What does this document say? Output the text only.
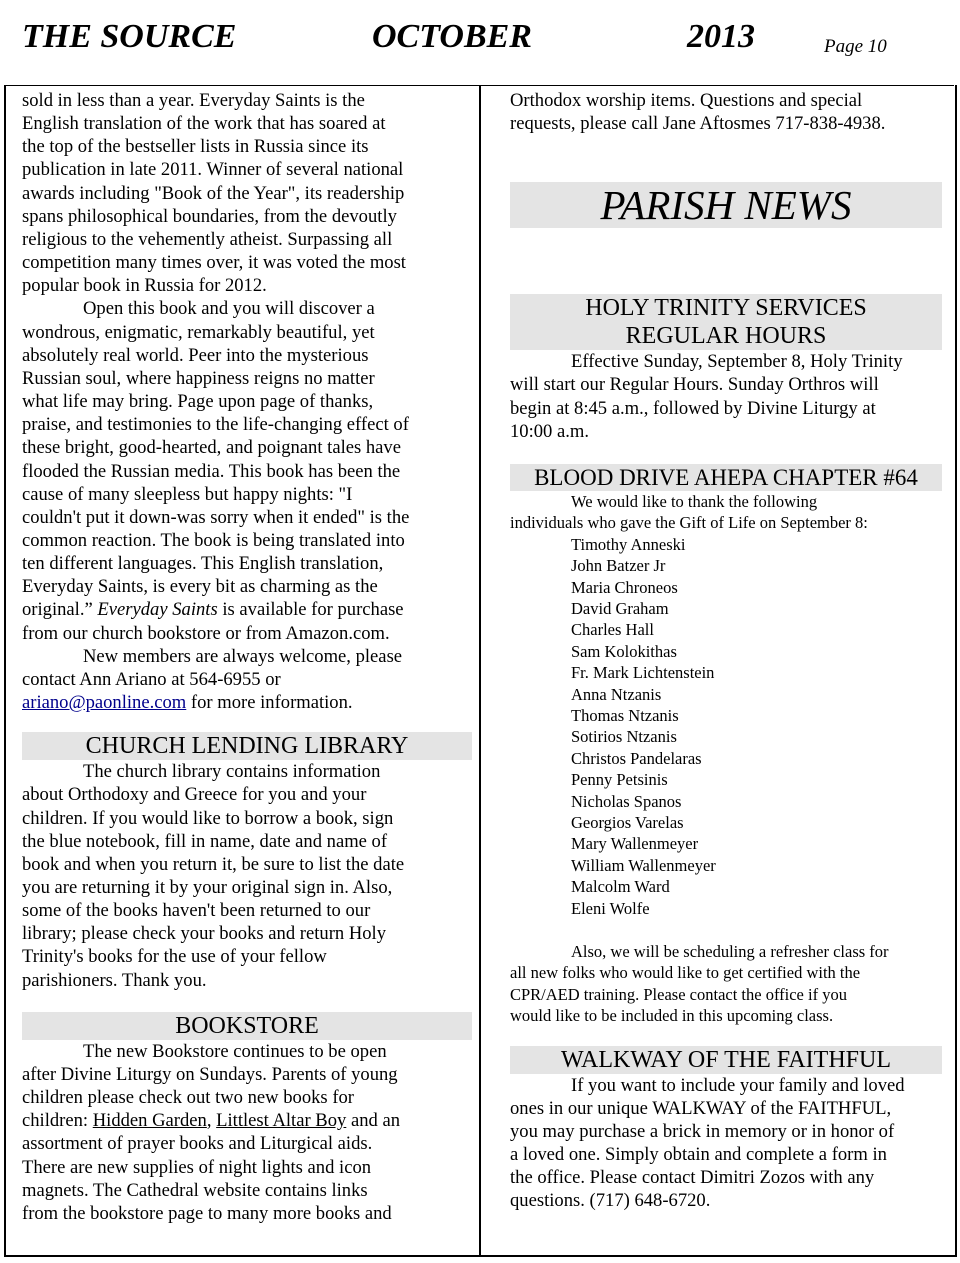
THE SOURCE	OCTOBER	2013	Page 10

sold in less than a year. Everyday Saints is the

English translation of the work that has soared at

the top of the bestseller lists in Russia since its

publication in late 2011. Winner of several national

awards including "Book of the Year", its readership

spans philosophical boundaries, from the devoutly

religious to the vehemently atheist. Surpassing all

competition many times over, it was voted the most

popular book in Russia for 2012.

Open this book and you will discover a

wondrous, enigmatic, remarkably beautiful, yet

absolutely real world. Peer into the mysterious

Russian soul, where happiness reigns no matter

what life may bring. Page upon page of thanks,

praise, and testimonies to the life-changing effect of

these bright, good-hearted, and poignant tales have

flooded the Russian media. This book has been the

cause of many sleepless but happy nights: "I

couldn't put it down-was sorry when it ended" is the

common reaction. The book is being translated into

ten different languages. This English translation,

Everyday Saints, is every bit as charming as the

original.” Everyday Saints is available for purchase

from our church bookstore or from Amazon.com.

New members are always welcome, please

contact Ann Ariano at 564-6955 or

ariano@paonline.com for more information.

CHURCH LENDING LIBRARY

The church library contains information

about Orthodoxy and Greece for you and your

children. If you would like to borrow a book, sign

the blue notebook, fill in name, date and name of

book and when you return it, be sure to list the date

you are returning it by your original sign in. Also,

some of the books haven't been returned to our

library; please check your books and return Holy

Trinity's books for the use of your fellow

parishioners. Thank you.

BOOKSTORE

The new Bookstore continues to be open

after Divine Liturgy on Sundays. Parents of young

children please check out two new books for

children: Hidden Garden, Littlest Altar Boy and an

assortment of prayer books and Liturgical aids.

There are new supplies of night lights and icon

magnets. The Cathedral website contains links

from the bookstore page to many more books and

Orthodox worship items. Questions and special

requests, please call Jane Aftosmes 717-838-4938.

PARISH NEWS
HOLY TRINITY SERVICES
REGULAR HOURS

Effective Sunday, September 8, Holy Trinity

will start our Regular Hours. Sunday Orthros will

begin at 8:45 a.m., followed by Divine Liturgy at

10:00 a.m.

BLOOD DRIVE AHEPA CHAPTER #64

We would like to thank the following

individuals who gave the Gift of Life on September 8:

Timothy Anneski
John Batzer Jr
Maria Chroneos
David Graham
Charles Hall
Sam Kolokithas
Fr. Mark Lichtenstein
Anna Ntzanis
Thomas Ntzanis
Sotirios Ntzanis
Christos Pandelaras
Penny Petsinis
Nicholas Spanos
Georgios Varelas
Mary Wallenmeyer
William Wallenmeyer
Malcolm Ward
Eleni Wolfe

Also, we will be scheduling a refresher class for

all new folks who would like to get certified with the

CPR/AED training. Please contact the office if you

would like to be included in this upcoming class.

WALKWAY OF THE FAITHFUL

If you want to include your family and loved

ones in our unique WALKWAY of the FAITHFUL,

you may purchase a brick in memory or in honor of

a loved one. Simply obtain and complete a form in

the office. Please contact Dimitri Zozos with any

questions. (717) 648-6720.
